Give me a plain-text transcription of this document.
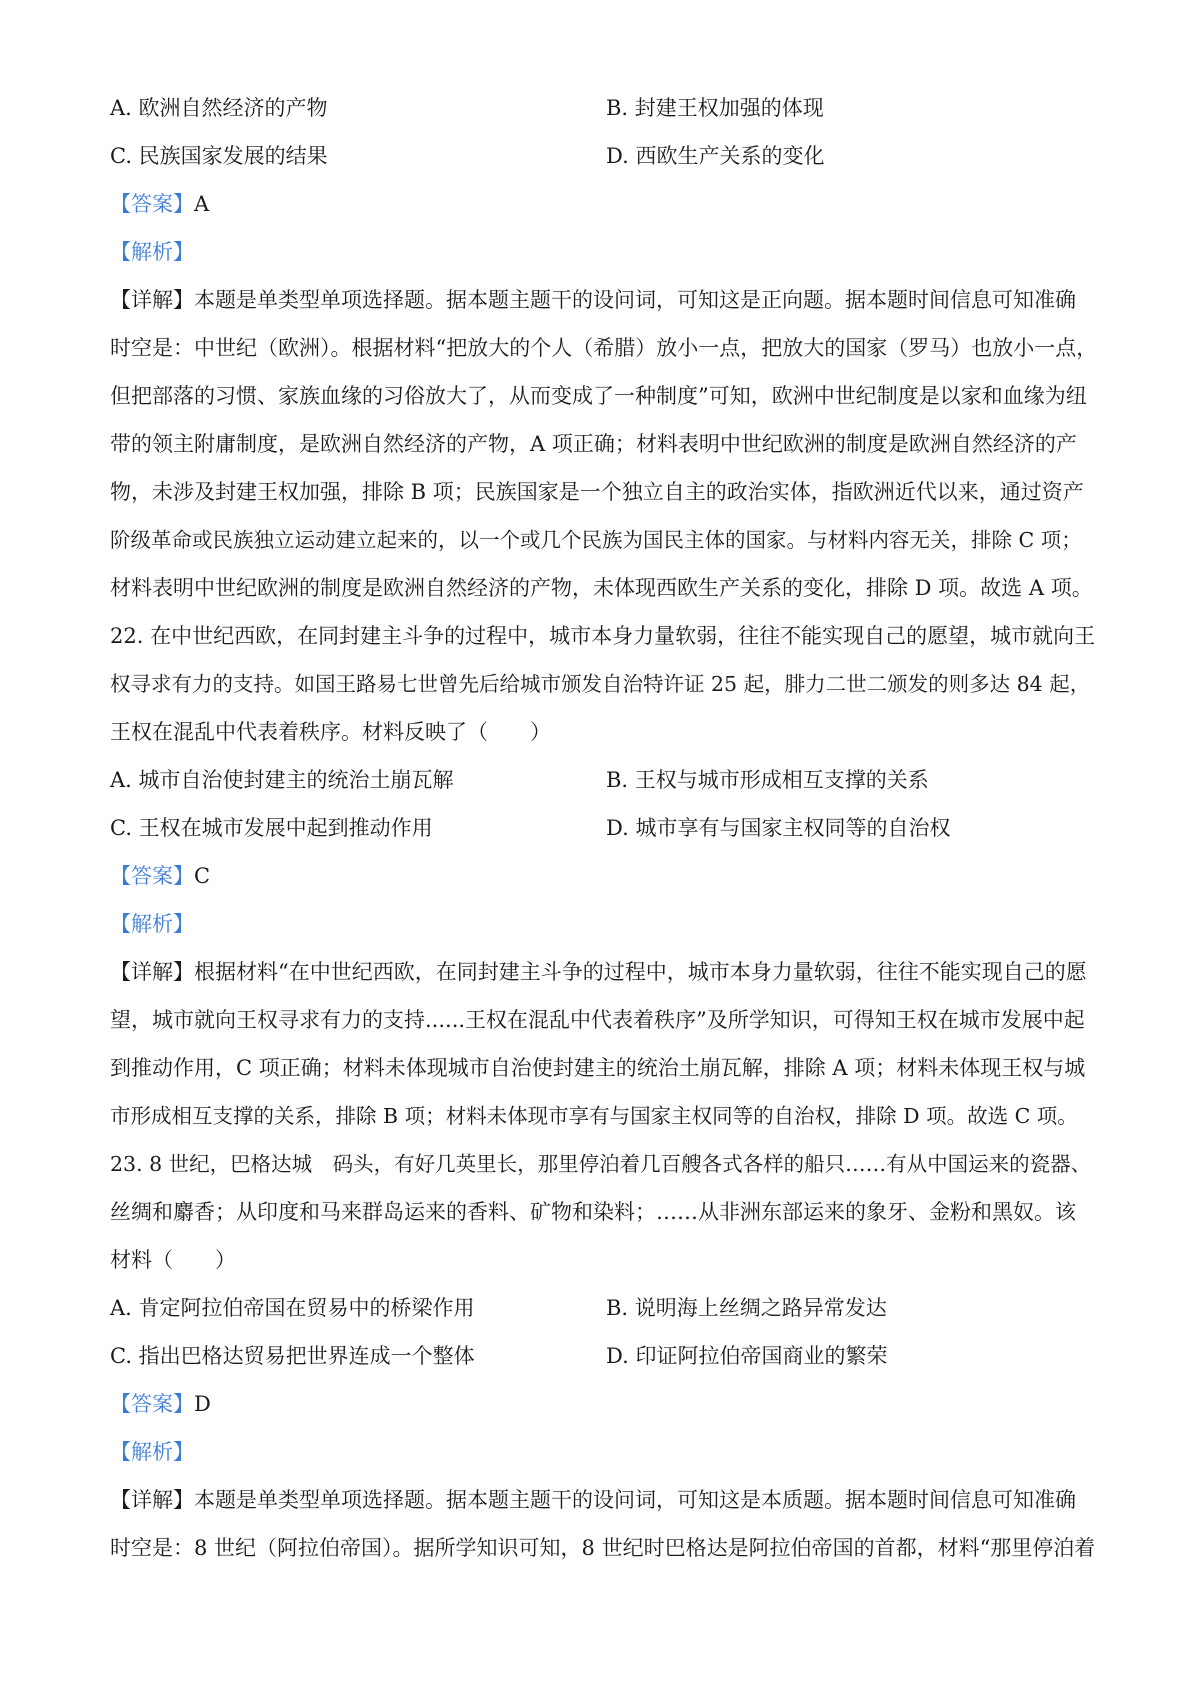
A. 欧洲自然经济的产物	B. 封建王权加强的体现
C. 民族国家发展的结果	D. 西欧生产关系的变化
【答案】A
【解析】
【详解】本题是单类型单项选择题。据本题主题干的设问词，可知这是正向题。据本题时间信息可知准确
时空是：中世纪（欧洲）。根据材料“把放大的个人（希腊）放小一点，把放大的国家（罗马）也放小一点，
但把部落的习惯、家族血缘的习俗放大了，从而变成了一种制度”可知，欧洲中世纪制度是以家和血缘为纽
带的领主附庸制度，是欧洲自然经济的产物，A 项正确；材料表明中世纪欧洲的制度是欧洲自然经济的产
物，未涉及封建王权加强，排除 B 项；民族国家是一个独立自主的政治实体，指欧洲近代以来，通过资产
阶级革命或民族独立运动建立起来的，以一个或几个民族为国民主体的国家。与材料内容无关，排除 C 项；
材料表明中世纪欧洲的制度是欧洲自然经济的产物，未体现西欧生产关系的变化，排除 D 项。故选 A 项。
22. 在中世纪西欧，在同封建主斗争的过程中，城市本身力量软弱，往往不能实现自己的愿望，城市就向王
权寻求有力的支持。如国王路易七世曾先后给城市颁发自治特许证 25 起，腓力二世二颁发的则多达 84 起，
王权在混乱中代表着秩序。材料反映了（　　）
A. 城市自治使封建主的统治土崩瓦解	B. 王权与城市形成相互支撑的关系
C. 王权在城市发展中起到推动作用	D. 城市享有与国家主权同等的自治权
【答案】C
【解析】
【详解】根据材料“在中世纪西欧，在同封建主斗争的过程中，城市本身力量软弱，往往不能实现自己的愿
望，城市就向王权寻求有力的支持......王权在混乱中代表着秩序”及所学知识，可得知王权在城市发展中起
到推动作用，C 项正确；材料未体现城市自治使封建主的统治土崩瓦解，排除 A 项；材料未体现王权与城
市形成相互支撑的关系，排除 B 项；材料未体现市享有与国家主权同等的自治权，排除 D 项。故选 C 项。
23. 8 世纪，巴格达城　码头，有好几英里长，那里停泊着几百艘各式各样的船只……有从中国运来的瓷器、
丝绸和麝香；从印度和马来群岛运来的香料、矿物和染料；……从非洲东部运来的象牙、金粉和黑奴。该
材料（　　）
A. 肯定阿拉伯帝国在贸易中的桥梁作用	B. 说明海上丝绸之路异常发达
C. 指出巴格达贸易把世界连成一个整体	D. 印证阿拉伯帝国商业的繁荣
【答案】D
【解析】
【详解】本题是单类型单项选择题。据本题主题干的设问词，可知这是本质题。据本题时间信息可知准确
时空是：8 世纪（阿拉伯帝国）。据所学知识可知，8 世纪时巴格达是阿拉伯帝国的首都，材料“那里停泊着
